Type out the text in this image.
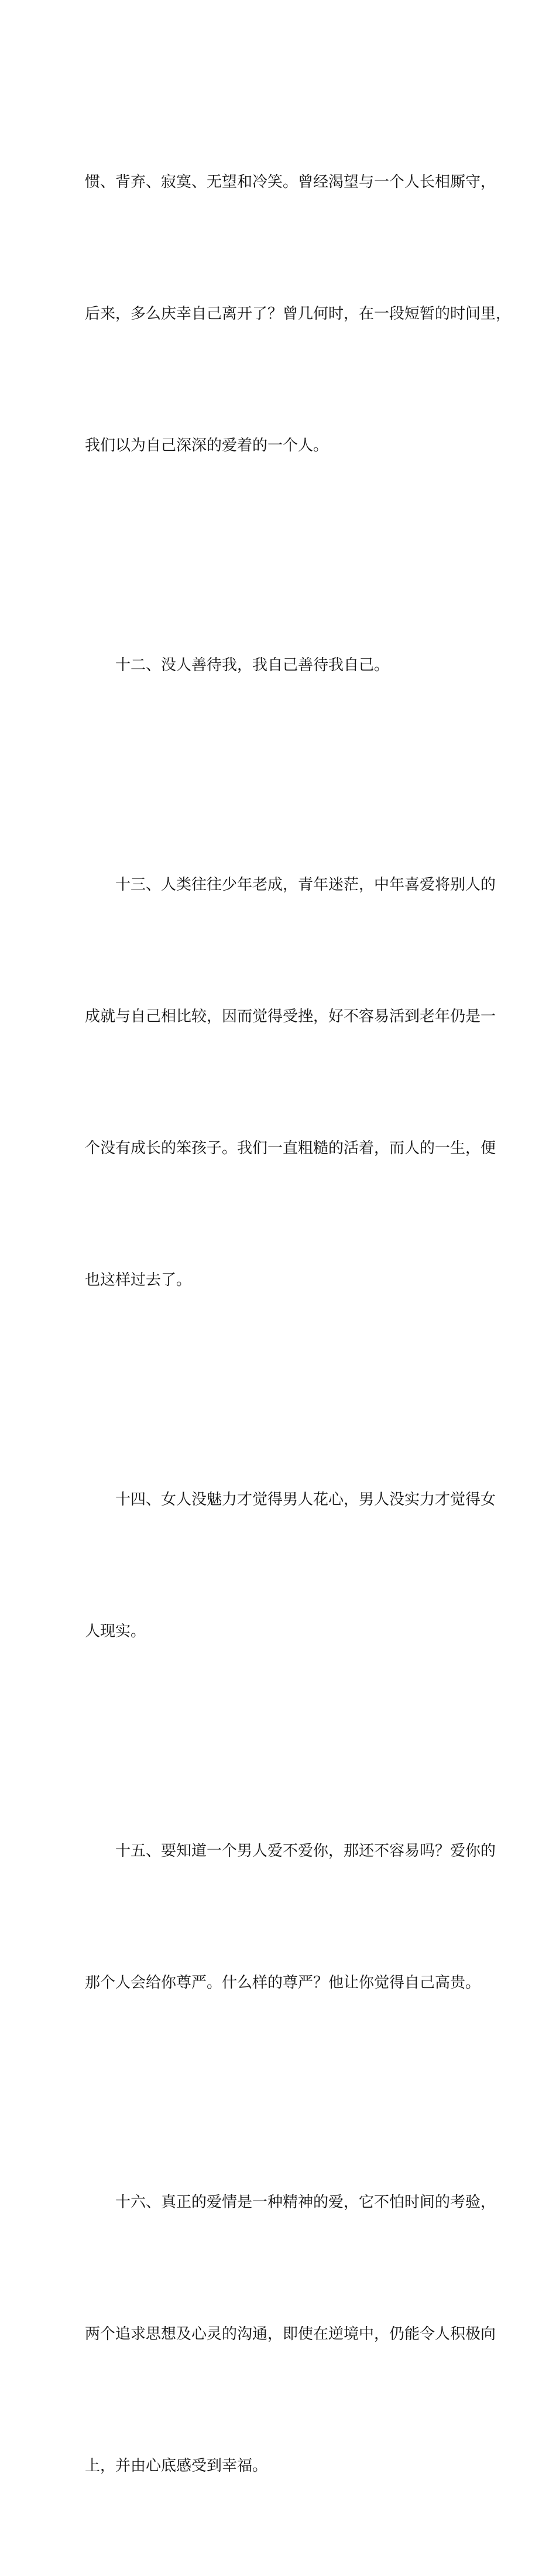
惯、背弃、寂寞、无望和冷笑。曾经渴望与一个人长相厮守，

后来，多么庆幸自己离开了？曾几何时，在一段短暂的时间里，

我们以为自己深深的爱着的一个人。

十二、没人善待我，我自己善待我自己。

十三、人类往往少年老成，青年迷茫，中年喜爱将别人的

成就与自己相比较，因而觉得受挫，好不容易活到老年仍是一

个没有成长的笨孩子。我们一直粗糙的活着，而人的一生，便

也这样过去了。

十四、女人没魅力才觉得男人花心，男人没实力才觉得女

人现实。

十五、要知道一个男人爱不爱你，那还不容易吗？爱你的

那个人会给你尊严。什么样的尊严？他让你觉得自己高贵。

十六、真正的爱情是一种精神的爱，它不怕时间的考验，

两个追求思想及心灵的沟通，即使在逆境中，仍能令人积极向

上，并由心底感受到幸福。
